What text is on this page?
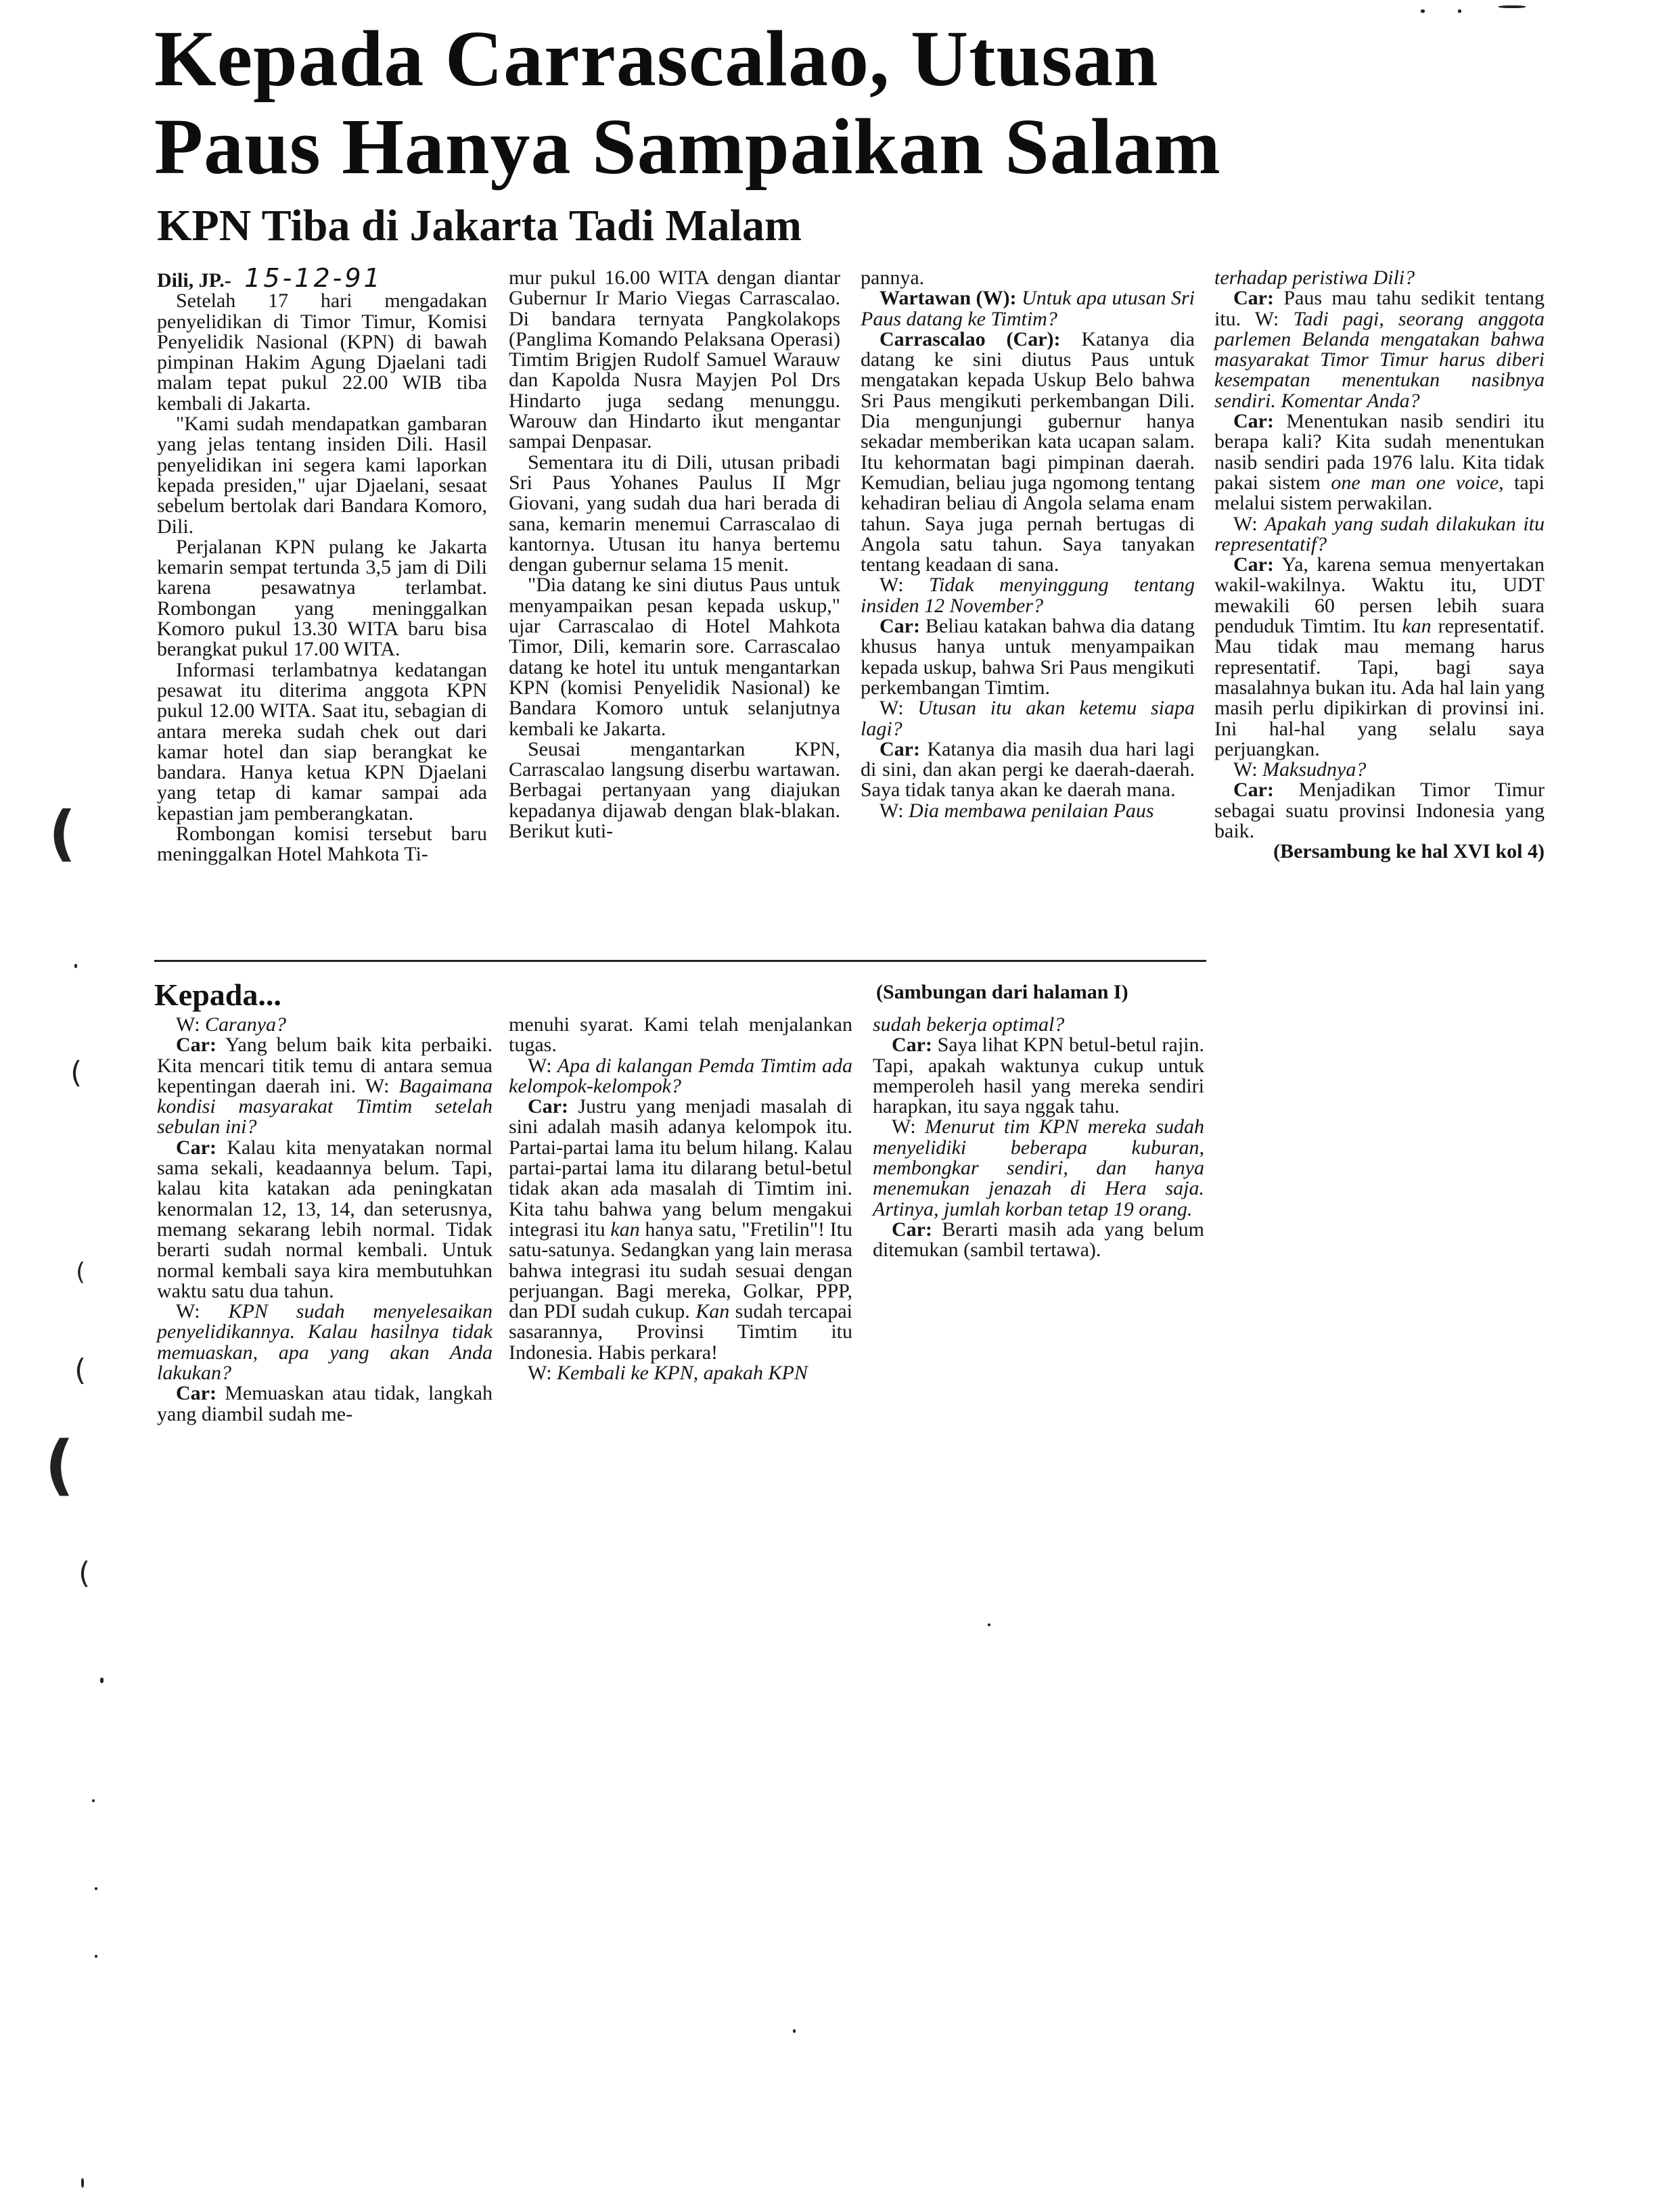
Kepada Carrascalao, Utusan
Paus Hanya Sampaikan Salam
KPN Tiba di Jakarta Tadi Malam

Dili, JP.- 15-12-91

Setelah 17 hari mengadakan penyelidikan di Timor Timur, Komisi Penyelidik Nasional (KPN) di bawah pimpinan Hakim Agung Djaelani tadi malam tepat pukul 22.00 WIB tiba kembali di Jakarta.

"Kami sudah mendapatkan gambaran yang jelas tentang insiden Dili. Hasil penyelidikan ini segera kami laporkan kepada presiden," ujar Djaelani, sesaat sebelum bertolak dari Bandara Komoro, Dili.

Perjalanan KPN pulang ke Jakarta kemarin sempat tertunda 3,5 jam di Dili karena pesawatnya terlambat. Rombongan yang meninggalkan Komoro pukul 13.30 WITA baru bisa berangkat pukul 17.00 WITA.

Informasi terlambatnya kedatangan pesawat itu diterima anggota KPN pukul 12.00 WITA. Saat itu, sebagian di antara mereka sudah chek out dari kamar hotel dan siap berangkat ke bandara. Hanya ketua KPN Djaelani yang tetap di kamar sampai ada kepastian jam pemberangkatan.

Rombongan komisi tersebut baru meninggalkan Hotel Mahkota Ti-

mur pukul 16.00 WITA dengan diantar Gubernur Ir Mario Viegas Carrascalao. Di bandara ternyata Pangkolakops (Panglima Komando Pelaksana Operasi) Timtim Brigjen Rudolf Samuel Warauw dan Kapolda Nusra Mayjen Pol Drs Hindarto juga sedang menunggu. Warouw dan Hindarto ikut mengantar sampai Denpasar.

Sementara itu di Dili, utusan pribadi Sri Paus Yohanes Paulus II Mgr Giovani, yang sudah dua hari berada di sana, kemarin menemui Carrascalao di kantornya. Utusan itu hanya bertemu dengan gubernur selama 15 menit.

"Dia datang ke sini diutus Paus untuk menyampaikan pesan kepada uskup," ujar Carrascalao di Hotel Mahkota Timor, Dili, kemarin sore. Carrascalao datang ke hotel itu untuk mengantarkan KPN (komisi Penyelidik Nasional) ke Bandara Komoro untuk selanjutnya kembali ke Jakarta.

Seusai mengantarkan KPN, Carrascalao langsung diserbu wartawan. Berbagai pertanyaan yang diajukan kepadanya dijawab dengan blak-blakan. Berikut kuti-

pannya.

Wartawan (W): Untuk apa utusan Sri Paus datang ke Timtim?

Carrascalao (Car): Katanya dia datang ke sini diutus Paus untuk mengatakan kepada Uskup Belo bahwa Sri Paus mengikuti perkembangan Dili. Dia mengunjungi gubernur hanya sekadar memberikan kata ucapan salam. Itu kehormatan bagi pimpinan daerah. Kemudian, beliau juga ngomong tentang kehadiran beliau di Angola selama enam tahun. Saya juga pernah bertugas di Angola satu tahun. Saya tanyakan tentang keadaan di sana.

W: Tidak menyinggung tentang insiden 12 November?

Car: Beliau katakan bahwa dia datang khusus hanya untuk menyampaikan kepada uskup, bahwa Sri Paus mengikuti perkembangan Timtim.

W: Utusan itu akan ketemu siapa lagi?

Car: Katanya dia masih dua hari lagi di sini, dan akan pergi ke daerah-daerah. Saya tidak tanya akan ke daerah mana.

W: Dia membawa penilaian Paus

terhadap peristiwa Dili?

Car: Paus mau tahu sedikit tentang itu. W: Tadi pagi, seorang anggota parlemen Belanda mengatakan bahwa masyarakat Timor Timur harus diberi kesempatan menentukan nasibnya sendiri. Komentar Anda?

Car: Menentukan nasib sendiri itu berapa kali? Kita sudah menentukan nasib sendiri pada 1976 lalu. Kita tidak pakai sistem one man one voice, tapi melalui sistem perwakilan.

W: Apakah yang sudah dilakukan itu representatif?

Car: Ya, karena semua menyertakan wakil-wakilnya. Waktu itu, UDT mewakili 60 persen lebih suara penduduk Timtim. Itu kan representatif. Mau tidak mau memang harus representatif. Tapi, bagi saya masalahnya bukan itu. Ada hal lain yang masih perlu dipikirkan di provinsi ini. Ini hal-hal yang selalu saya perjuangkan.

W: Maksudnya?

Car: Menjadikan Timor Timur sebagai suatu provinsi Indonesia yang baik.

(Bersambung ke hal XVI kol 4)

Kepada...	(Sambungan dari halaman I)

W: Caranya?

Car: Yang belum baik kita perbaiki. Kita mencari titik temu di antara semua kepentingan daerah ini. W: Bagaimana kondisi masyarakat Timtim setelah sebulan ini?

Car: Kalau kita menyatakan normal sama sekali, keadaannya belum. Tapi, kalau kita katakan ada peningkatan kenormalan 12, 13, 14, dan seterusnya, memang sekarang lebih normal. Tidak berarti sudah normal kembali. Untuk normal kembali saya kira membutuhkan waktu satu dua tahun.

W: KPN sudah menyelesaikan penyelidikannya. Kalau hasilnya tidak memuaskan, apa yang akan Anda lakukan?

Car: Memuaskan atau tidak, langkah yang diambil sudah me-

menuhi syarat. Kami telah menjalankan tugas.

W: Apa di kalangan Pemda Timtim ada kelompok-kelompok?

Car: Justru yang menjadi masalah di sini adalah masih adanya kelompok itu. Partai-partai lama itu belum hilang. Kalau partai-partai lama itu dilarang betul-betul tidak akan ada masalah di Timtim ini. Kita tahu bahwa yang belum mengakui integrasi itu kan hanya satu, "Fretilin"! Itu satu-satunya. Sedangkan yang lain merasa bahwa integrasi itu sudah sesuai dengan perjuangan. Bagi mereka, Golkar, PPP, dan PDI sudah cukup. Kan sudah tercapai sasarannya, Provinsi Timtim itu Indonesia. Habis perkara!

W: Kembali ke KPN, apakah KPN

sudah bekerja optimal?

Car: Saya lihat KPN betul-betul rajin. Tapi, apakah waktunya cukup untuk memperoleh hasil yang mereka sendiri harapkan, itu saya nggak tahu.

W: Menurut tim KPN mereka sudah menyelidiki beberapa kuburan, membongkar sendiri, dan hanya menemukan jenazah di Hera saja. Artinya, jumlah korban tetap 19 orang.

Car: Berarti masih ada yang belum ditemukan (sambil tertawa).

(
(
(
(
(
(
